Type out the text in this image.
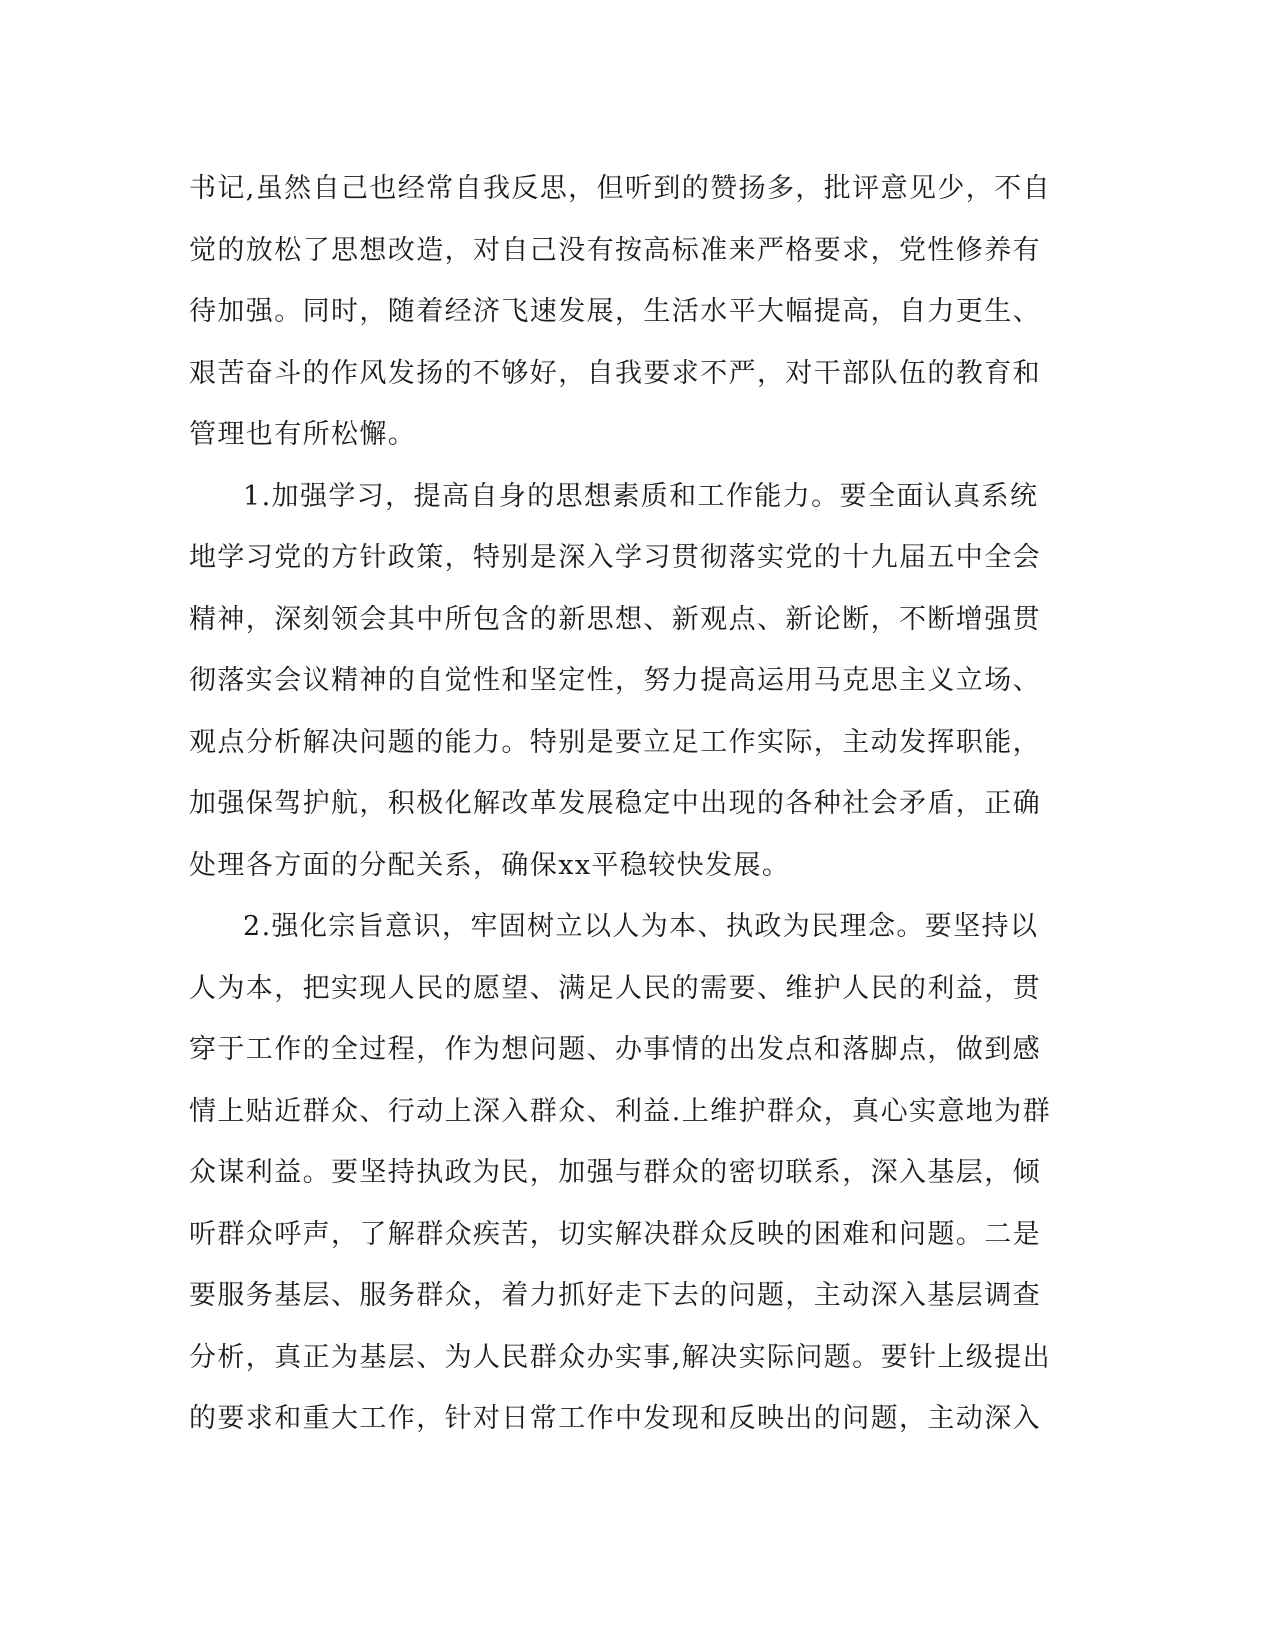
书记,虽然自己也经常自我反思，但听到的赞扬多，批评意见少，不自
觉的放松了思想改造，对自己没有按高标准来严格要求，党性修养有
待加强。同时，随着经济飞速发展，生活水平大幅提高，自力更生、
艰苦奋斗的作风发扬的不够好，自我要求不严，对干部队伍的教育和
管理也有所松懈。
1.加强学习，提高自身的思想素质和工作能力。要全面认真系统
地学习党的方针政策，特别是深入学习贯彻落实党的十九届五中全会
精神，深刻领会其中所包含的新思想、新观点、新论断，不断增强贯
彻落实会议精神的自觉性和坚定性，努力提高运用马克思主义立场、
观点分析解决问题的能力。特别是要立足工作实际，主动发挥职能，
加强保驾护航，积极化解改革发展稳定中出现的各种社会矛盾，正确
处理各方面的分配关系，确保xx平稳较快发展。
2.强化宗旨意识，牢固树立以人为本、执政为民理念。要坚持以
人为本，把实现人民的愿望、满足人民的需要、维护人民的利益，贯
穿于工作的全过程，作为想问题、办事情的出发点和落脚点，做到感
情上贴近群众、行动上深入群众、利益.上维护群众，真心实意地为群
众谋利益。要坚持执政为民，加强与群众的密切联系，深入基层，倾
听群众呼声，了解群众疾苦，切实解决群众反映的困难和问题。二是
要服务基层、服务群众，着力抓好走下去的问题，主动深入基层调查
分析，真正为基层、为人民群众办实事,解决实际问题。要针上级提出
的要求和重大工作，针对日常工作中发现和反映出的问题，主动深入
